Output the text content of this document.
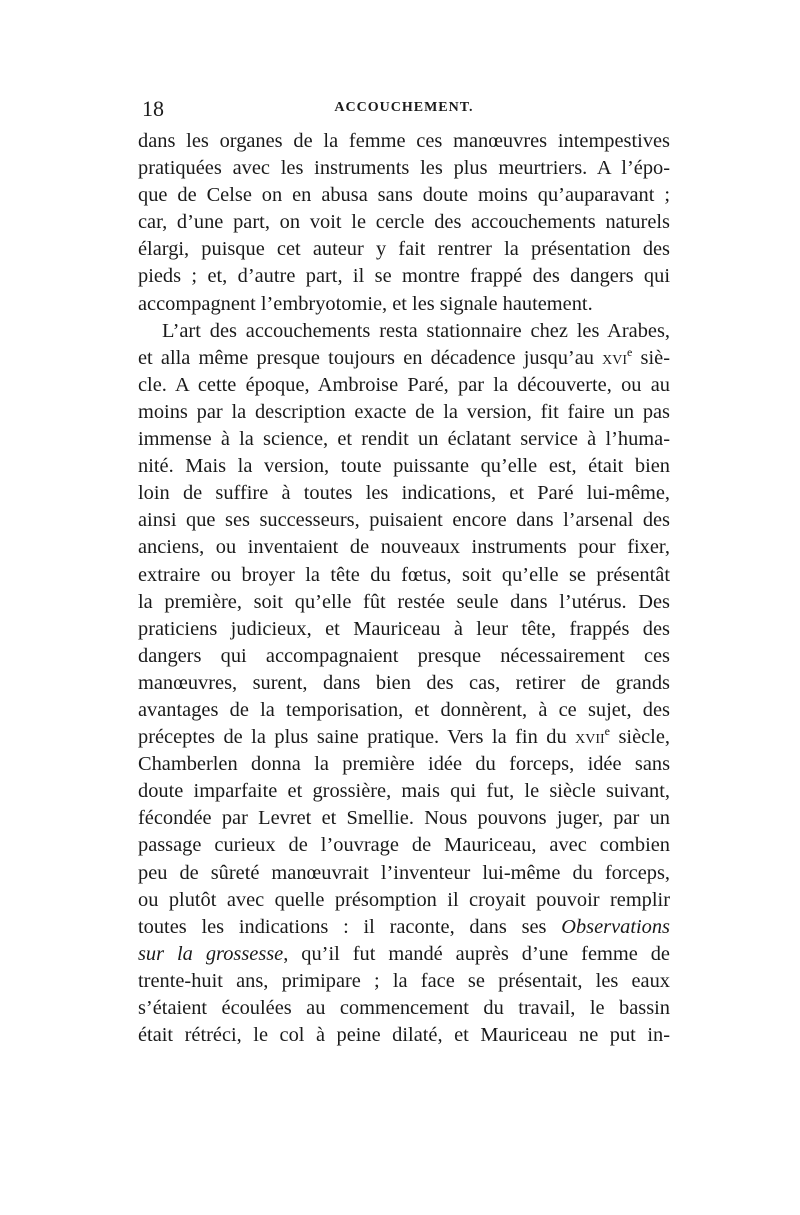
18	ACCOUCHEMENT.

dans les organes de la femme ces manœuvres intempestives
pratiquées avec les instruments les plus meurtriers. A l’épo-
que de Celse on en abusa sans doute moins qu’auparavant ;
car, d’une part, on voit le cercle des accouchements naturels
élargi, puisque cet auteur y fait rentrer la présentation des
pieds ; et, d’autre part, il se montre frappé des dangers qui
accompagnent l’embryotomie, et les signale hautement.

L’art des accouchements resta stationnaire chez les Arabes,
et alla même presque toujours en décadence jusqu’au xvi$^e$ siè-
cle. A cette époque, Ambroise Paré, par la découverte, ou au
moins par la description exacte de la version, fit faire un pas
immense à la science, et rendit un éclatant service à l’huma-
nité. Mais la version, toute puissante qu’elle est, était bien
loin de suffire à toutes les indications, et Paré lui-même,
ainsi que ses successeurs, puisaient encore dans l’arsenal des
anciens, ou inventaient de nouveaux instruments pour fixer,
extraire ou broyer la tête du fœtus, soit qu’elle se présentât
la première, soit qu’elle fût restée seule dans l’utérus. Des
praticiens judicieux, et Mauriceau à leur tête, frappés des
dangers qui accompagnaient presque nécessairement ces
manœuvres, surent, dans bien des cas, retirer de grands
avantages de la temporisation, et donnèrent, à ce sujet, des
préceptes de la plus saine pratique. Vers la fin du xvii$^e$ siècle,
Chamberlen donna la première idée du forceps, idée sans
doute imparfaite et grossière, mais qui fut, le siècle suivant,
fécondée par Levret et Smellie. Nous pouvons juger, par un
passage curieux de l’ouvrage de Mauriceau, avec combien
peu de sûreté manœuvrait l’inventeur lui-même du forceps,
ou plutôt avec quelle présomption il croyait pouvoir remplir
toutes les indications : il raconte, dans ses Observations
sur la grossesse, qu’il fut mandé auprès d’une femme de
trente-huit ans, primipare ; la face se présentait, les eaux
s’étaient écoulées au commencement du travail, le bassin
était rétréci, le col à peine dilaté, et Mauriceau ne put in-
